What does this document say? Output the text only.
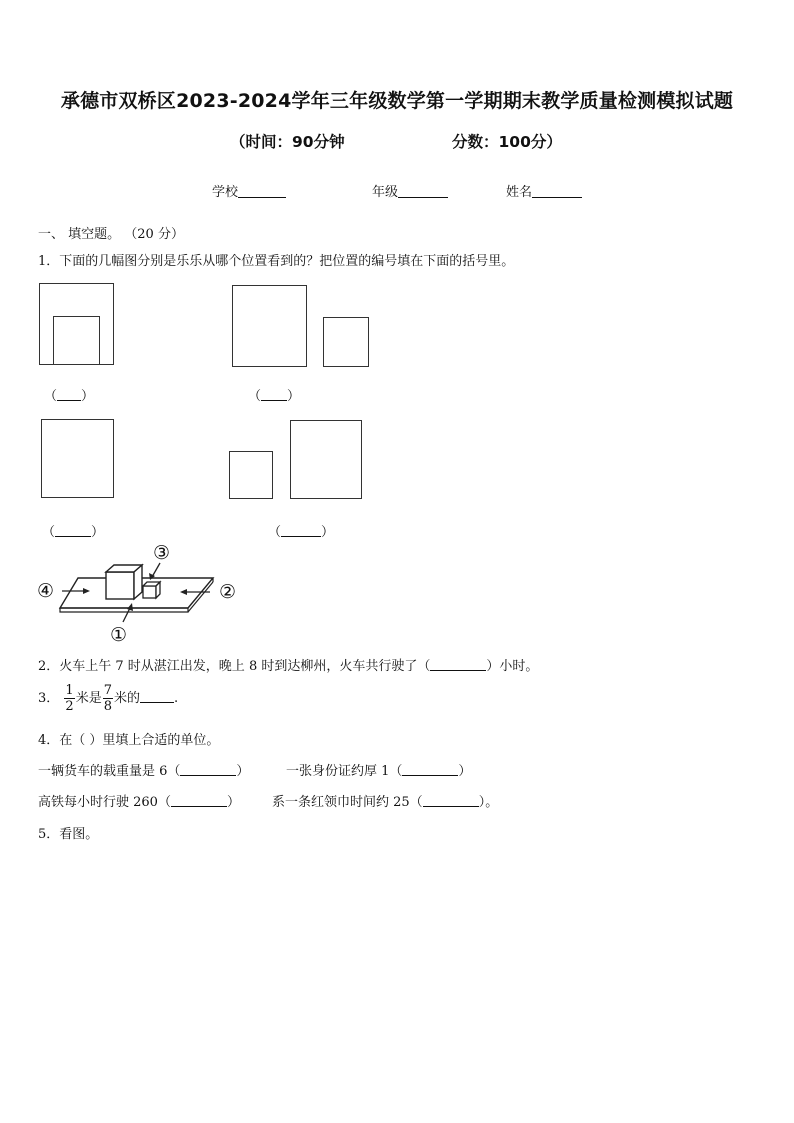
承德市双桥区2023-2024学年三年级数学第一学期期末教学质量检测模拟试题
（时间：90分钟	分数：100分）
学校	年级	姓名
一、 填空题。 （20 分）
1．下面的几幅图分别是乐乐从哪个位置看到的？把位置的编号填在下面的括号里。
（ ）	（ ）
（	）	（	）
④	②
③
①
2．火车上午 7 时从湛江出发，晚上 8 时到达柳州，火车共行驶了（	）小时。
3． $\frac{1}{2}$ 米是 $\frac{7}{8}$ 米的	.
4．在（ ）里填上合适的单位。
一辆货车的载重量是 6（	）	一张身份证约厚 1（	）
高铁每小时行驶 260（	） 系一条红领巾时间约 25（	）。
5．看图。
